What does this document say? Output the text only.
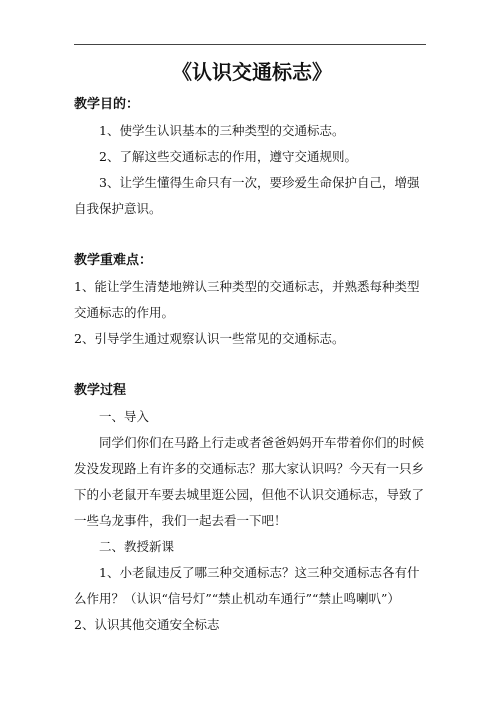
《认识交通标志》
教学目的：

1、使学生认识基本的三种类型的交通标志。

2、了解这些交通标志的作用，遵守交通规则。

3、让学生懂得生命只有一次，要珍爱生命保护自己，增强自我保护意识。

教学重难点：

1、能让学生清楚地辨认三种类型的交通标志，并熟悉每种类型交通标志的作用。

2、引导学生通过观察认识一些常见的交通标志。

教学过程

一、导入

同学们你们在马路上行走或者爸爸妈妈开车带着你们的时候发没发现路上有许多的交通标志？那大家认识吗？今天有一只乡下的小老鼠开车要去城里逛公园，但他不认识交通标志，导致了一些乌龙事件，我们一起去看一下吧！

二、教授新课

1、小老鼠违反了哪三种交通标志？这三种交通标志各有什么作用？（认识“信号灯”“禁止机动车通行”“禁止鸣喇叭”）

2、认识其他交通安全标志
